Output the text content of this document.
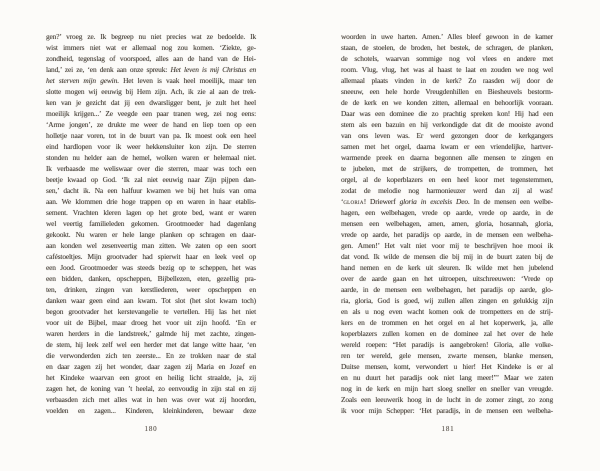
gen?’ vroeg ze. Ik begreep nu niet precies wat ze bedoelde. Ik
wist immers niet wat er allemaal nog zou komen. ‘Ziekte, ge-
zondheid, tegenslag of voorspoed, alles aan de hand van de Hei-
land,’ zei ze, ‘en denk aan onze spreuk: Het leven is mij Christus en
het sterven mijn gewin. Het leven is vaak heel moeilijk, maar ten
slotte mogen wij eeuwig bij Hem zijn. Ach, ik zie al aan de trek-
ken van je gezicht dat jij een dwarsligger bent, je zult het heel
moeilijk krijgen...’ Ze veegde een paar tranen weg, zei nog eens:
‘Arme jongen’, ze drukte me weer de hand en liep toen op een
holletje naar voren, tot in de buurt van pa. Ik moest ook een heel
eind hardlopen voor ik weer hekkensluiter kon zijn. De sterren
stonden nu helder aan de hemel, wolken waren er helemaal niet.
Ik verbaasde me weliswaar over die sterren, maar was toch een
beetje kwaad op God. ‘Ik zal niet eeuwig naar Zijn pijpen dan-
sen,’ dacht ik. Na een halfuur kwamen we bij het huis van oma
aan. We klommen drie hoge trappen op en waren in haar etablis-
sement. Vrachten kleren lagen op het grote bed, want er waren
wel veertig familieleden gekomen. Grootmoeder had dagenlang
gekookt. Nu waren er hele lange planken op schragen en daar-
aan konden wel zesenveertig man zitten. We zaten op een soort
caféstoeltjes. Mijn grootvader had spierwit haar en leek veel op
een Jood. Grootmoeder was steeds bezig op te scheppen, het was
een bidden, danken, opscheppen, Bijbellezen, eten, gezellig pra-
ten, drinken, zingen van kerstliederen, weer opscheppen en
danken waar geen eind aan kwam. Tot slot (het slot kwam toch)
begon grootvader het kerstevangelie te vertellen. Hij las het niet
voor uit de Bijbel, maar droeg het voor uit zijn hoofd. ‘En er
waren herders in die landstreek,’ galmde hij met zachte, zingen-
de stem, hij leek zelf wel een herder met dat lange witte haar, ‘en
die verwonderden zich ten zeerste... En ze trokken naar de stal
en daar zagen zij het wonder, daar zagen zij Maria en Jozef en
het Kindeke waarvan een groot en heilig licht straalde, ja, zij
zagen het, de koning van ’t heelal, zo eenvoudig in zijn stal en zij
verbaasden zich met alles wat in hen was over wat zij hoorden,
voelden en zagen... Kinderen, kleinkinderen, bewaar deze
woorden in uwe harten. Amen.’ Alles bleef gewoon in de kamer
staan, de stoelen, de broden, het bestek, de schragen, de planken,
de schotels, waarvan sommige nog vol vlees en andere met
room. Vlug, vlug, het was al haast te laat en zouden we nog wel
allemaal plaats vinden in de kerk? Zo raasden wij door de
sneeuw, een hele horde Vreugdenhillen en Biesheuvels bestorm-
de de kerk en we konden zitten, allemaal en behoorlijk vooraan.
Daar was een dominee die zo prachtig spreken kon! Hij had een
stem als een bazuin en hij verkondigde dat dit de mooiste avond
van ons leven was. Er werd gezongen door de kerkgangers
samen met het orgel, daarna kwam er een vriendelijke, hartver-
warmende preek en daarna begonnen alle mensen te zingen en
te jubelen, met de strijkers, de trompetten, de trommen, het
orgel, al de koperblazers en een heel koor met tegenstemmen,
zodat de melodie nog harmonieuzer werd dan zij al was!
‘gloria! Driewerf gloria in excelsis Deo. In de mensen een welbe-
hagen, een welbehagen, vrede op aarde, vrede op aarde, in de
mensen een welbehagen, amen, amen, gloria, hosannah, gloria,
vrede op aarde, het paradijs op aarde, in de mensen een welbeha-
gen. Amen!’ Het valt niet voor mij te beschrijven hoe mooi ik
dat vond. Ik wilde de mensen die bij mij in de buurt zaten bij de
hand nemen en de kerk uit sleuren. Ik wilde met hen jubelend
over de aarde gaan en het uitroepen, uitschreeuwen: ‘Vrede op
aarde, in de mensen een welbehagen, het paradijs op aarde, glo-
ria, gloria, God is goed, wij zullen allen zingen en gelukkig zijn
en als u nog even wacht komen ook de trompetters en de strij-
kers en de trommen en het orgel en al het koperwerk, ja, alle
koperblazers zullen komen en de dominee zal het over de hele
wereld roepen: “Het paradijs is aangebroken! Gloria, alle volke-
ren ter wereld, gele mensen, zwarte mensen, blanke mensen,
Duitse mensen, komt, verwondert u hier! Het Kindeke is er al
en nu duurt het paradijs ook niet lang meer!”’ Maar we zaten
nog in de kerk en mijn hart sloeg sneller en sneller van vreugde.
Zoals een leeuwerik hoog in de lucht in de zomer zingt, zo zong
ik voor mijn Schepper: ‘Het paradijs, in de mensen een welbeha-
180	181
